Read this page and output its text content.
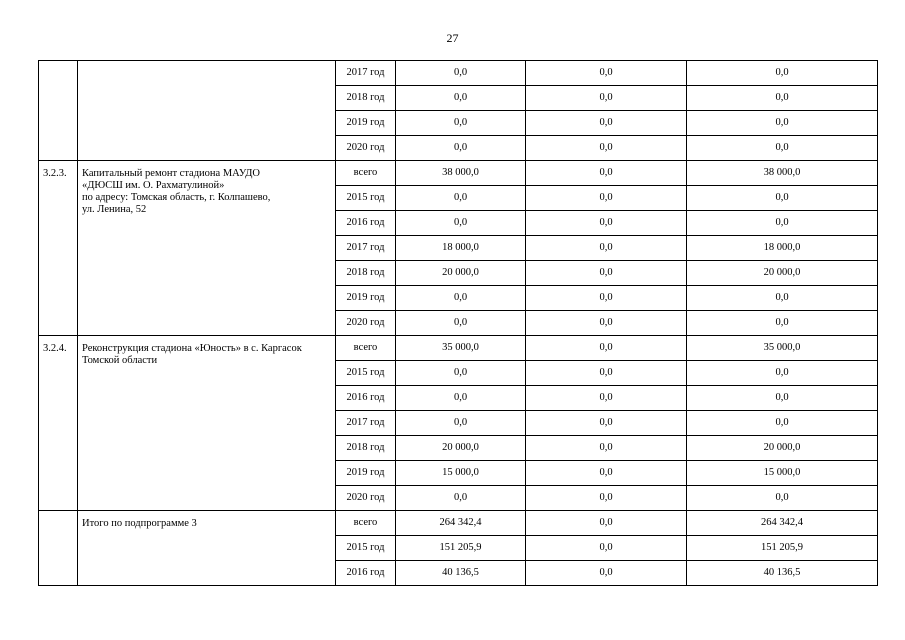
27
		2017 год	0,0	0,0	0,0
		2018 год	0,0	0,0	0,0
		2019 год	0,0	0,0	0,0
		2020 год	0,0	0,0	0,0
3.2.3.	Капитальный ремонт стадиона МАУДО
«ДЮСШ им. О. Рахматулиной»
по адресу: Томская область, г. Колпашево,
ул. Ленина, 52	всего	38 000,0	0,0	38 000,0
		2015 год	0,0	0,0	0,0
		2016 год	0,0	0,0	0,0
		2017 год	18 000,0	0,0	18 000,0
		2018 год	20 000,0	0,0	20 000,0
		2019 год	0,0	0,0	0,0
		2020 год	0,0	0,0	0,0
3.2.4.	Реконструкция стадиона «Юность» в с. Каргасок
Томской области	всего	35 000,0	0,0	35 000,0
		2015 год	0,0	0,0	0,0
		2016 год	0,0	0,0	0,0
		2017 год	0,0	0,0	0,0
		2018 год	20 000,0	0,0	20 000,0
		2019 год	15 000,0	0,0	15 000,0
		2020 год	0,0	0,0	0,0

	Итого по подпрограмме 3	всего	264 342,4	0,0	264 342,4
		2015 год	151 205,9	0,0	151 205,9
		2016 год	40 136,5	0,0	40 136,5
